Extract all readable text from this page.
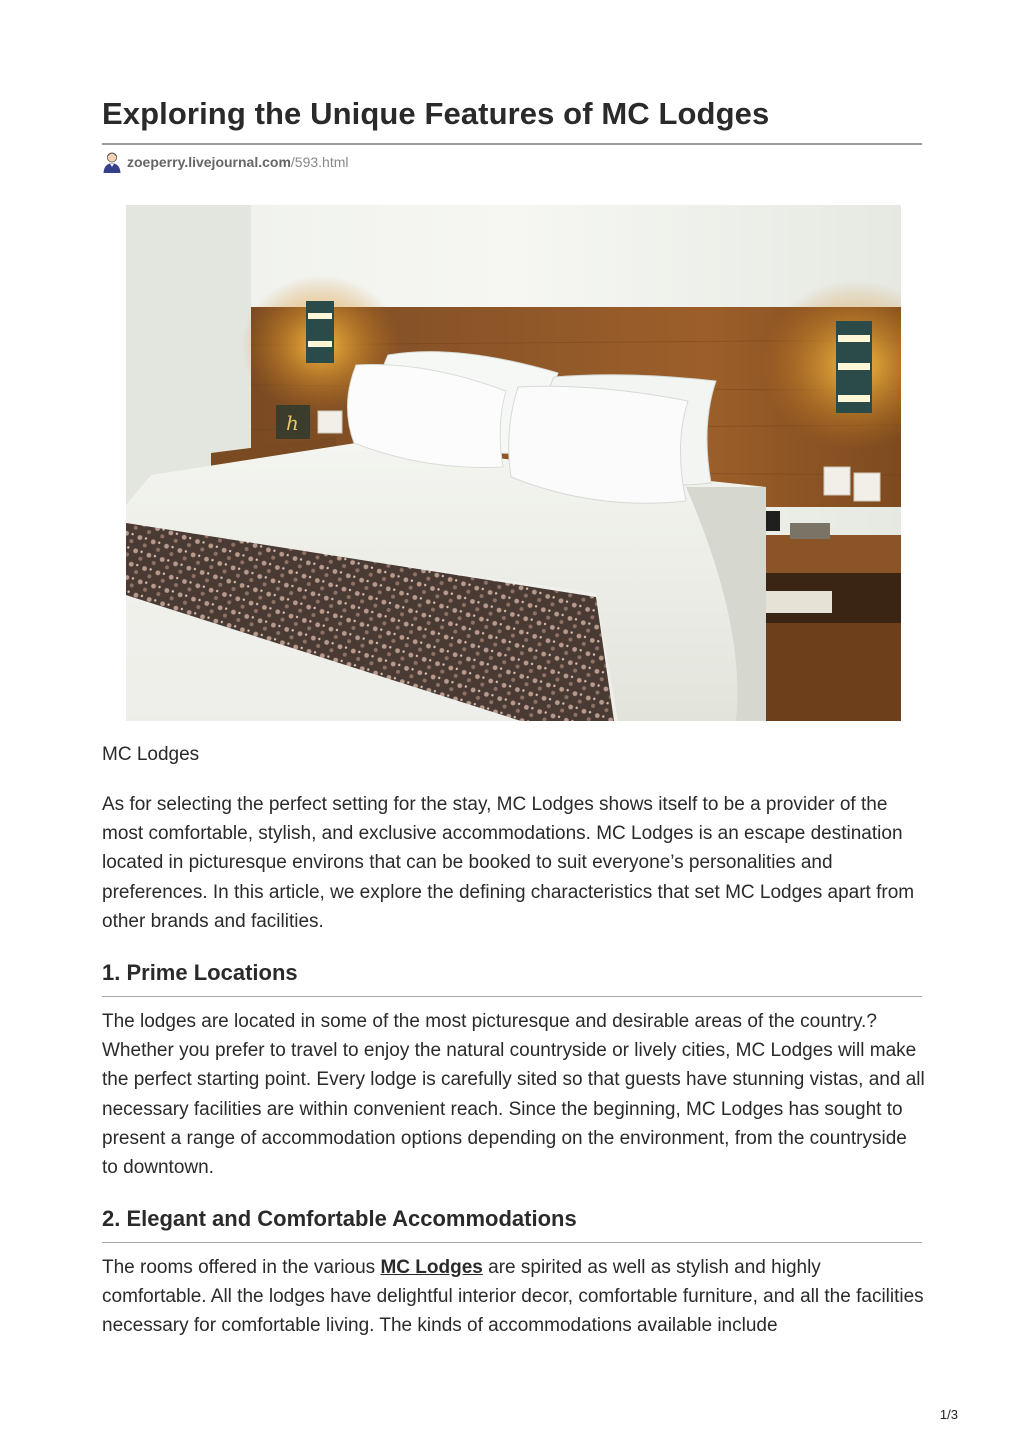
Exploring the Unique Features of MC Lodges
zoeperry.livejournal.com /593.html
h
MC Lodges

As for selecting the perfect setting for the stay, MC Lodges shows itself to be a provider of the most comfortable, stylish, and exclusive accommodations. MC Lodges is an escape destination located in picturesque environs that can be booked to suit everyone’s personalities and preferences. In this article, we explore the defining characteristics that set MC Lodges apart from other brands and facilities.

1. Prime Locations

The lodges are located in some of the most picturesque and desirable areas of the country.? Whether you prefer to travel to enjoy the natural countryside or lively cities, MC Lodges will make the perfect starting point. Every lodge is carefully sited so that guests have stunning vistas, and all necessary facilities are within convenient reach. Since the beginning, MC Lodges has sought to present a range of accommodation options depending on the environment, from the countryside to downtown.

2. Elegant and Comfortable Accommodations

The rooms offered in the various MC Lodges are spirited as well as stylish and highly comfortable. All the lodges have delightful interior decor, comfortable furniture, and all the facilities necessary for comfortable living. The kinds of accommodations available include

1/3
